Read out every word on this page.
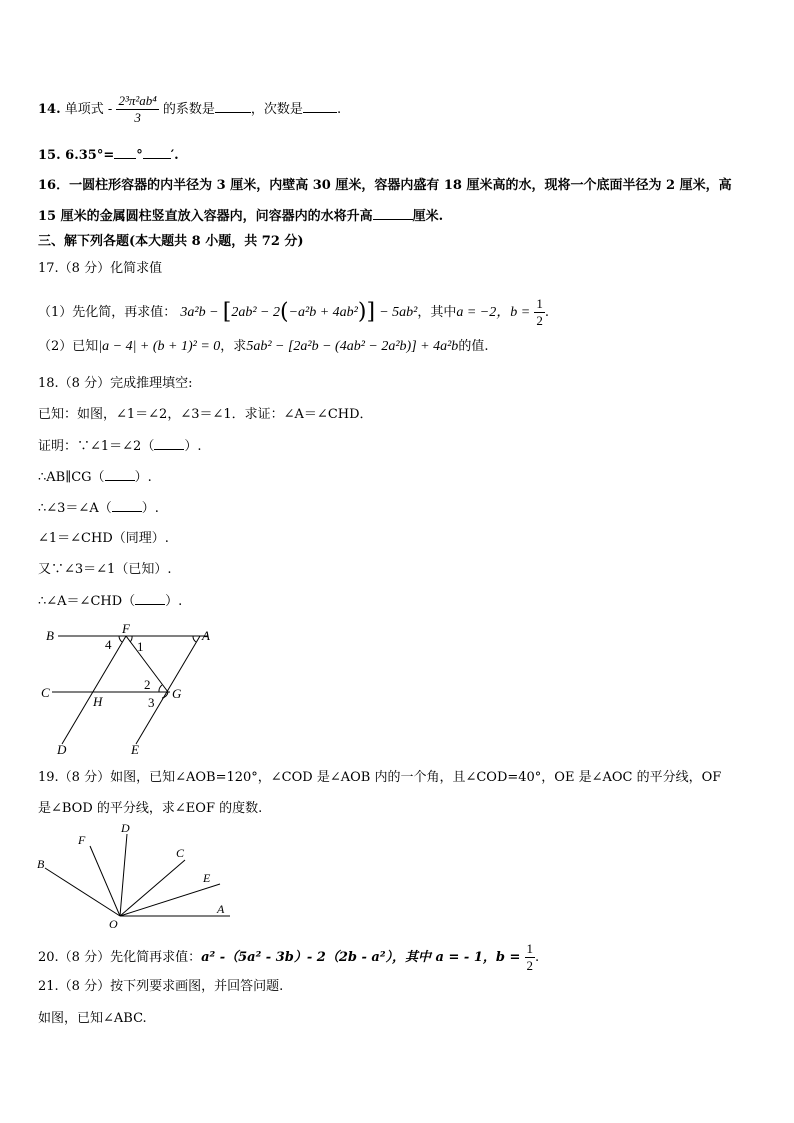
14. 单项式 - $\frac{\text{2³π²ab⁴}}{3}$ 的系数是	，次数是	.
15. 6.35°= ° ′.
16．一圆柱形容器的内半径为 3 厘米，内壁高 30 厘米，容器内盛有 18 厘米高的水，现将一个底面半径为 2 厘米，高
15 厘米的金属圆柱竖直放入容器内，问容器内的水将升高	厘米.
三、解下列各题(本大题共 8 小题，共 72 分)
17.（8 分）化简求值
（1）先化简，再求值： 3a²b − [2ab² − 2(−a²b + 4ab²)] − 5ab²，其中a = −2，$b = \frac{1}{2}$ .
（2）已知|a − 4| + (b + 1)² = 0，求5ab² − [2a²b − (4ab² − 2a²b)] + 4a²b的值.
18.（8 分）完成推理填空:
已知：如图，∠1＝∠2，∠3＝∠1．求证：∠A＝∠CHD．
证明：∵∠1＝∠2（ ）.
∴AB∥CG（ ）.
∴∠3＝∠A（ ）.
∠1＝∠CHD（同理）.
又∵∠3＝∠1（已知）.
∴∠A＝∠CHD（ ）.
B	F	A
4 1
C
2
G
H	3
D	E
19.（8 分）如图，已知∠AOB=120°，∠COD 是∠AOB 内的一个角，且∠COD=40°，OE 是∠AOC 的平分线，OF
是∠BOD 的平分线，求∠EOF 的度数.
D
F
C
B
E
A
O
20.（8 分）先化简再求值：a² -（5a² - 3b）- 2（2b - a²），其中 a = - 1，$b = \frac{1}{2}$ .
21.（8 分）按下列要求画图，并回答问题.
如图，已知∠ABC.
